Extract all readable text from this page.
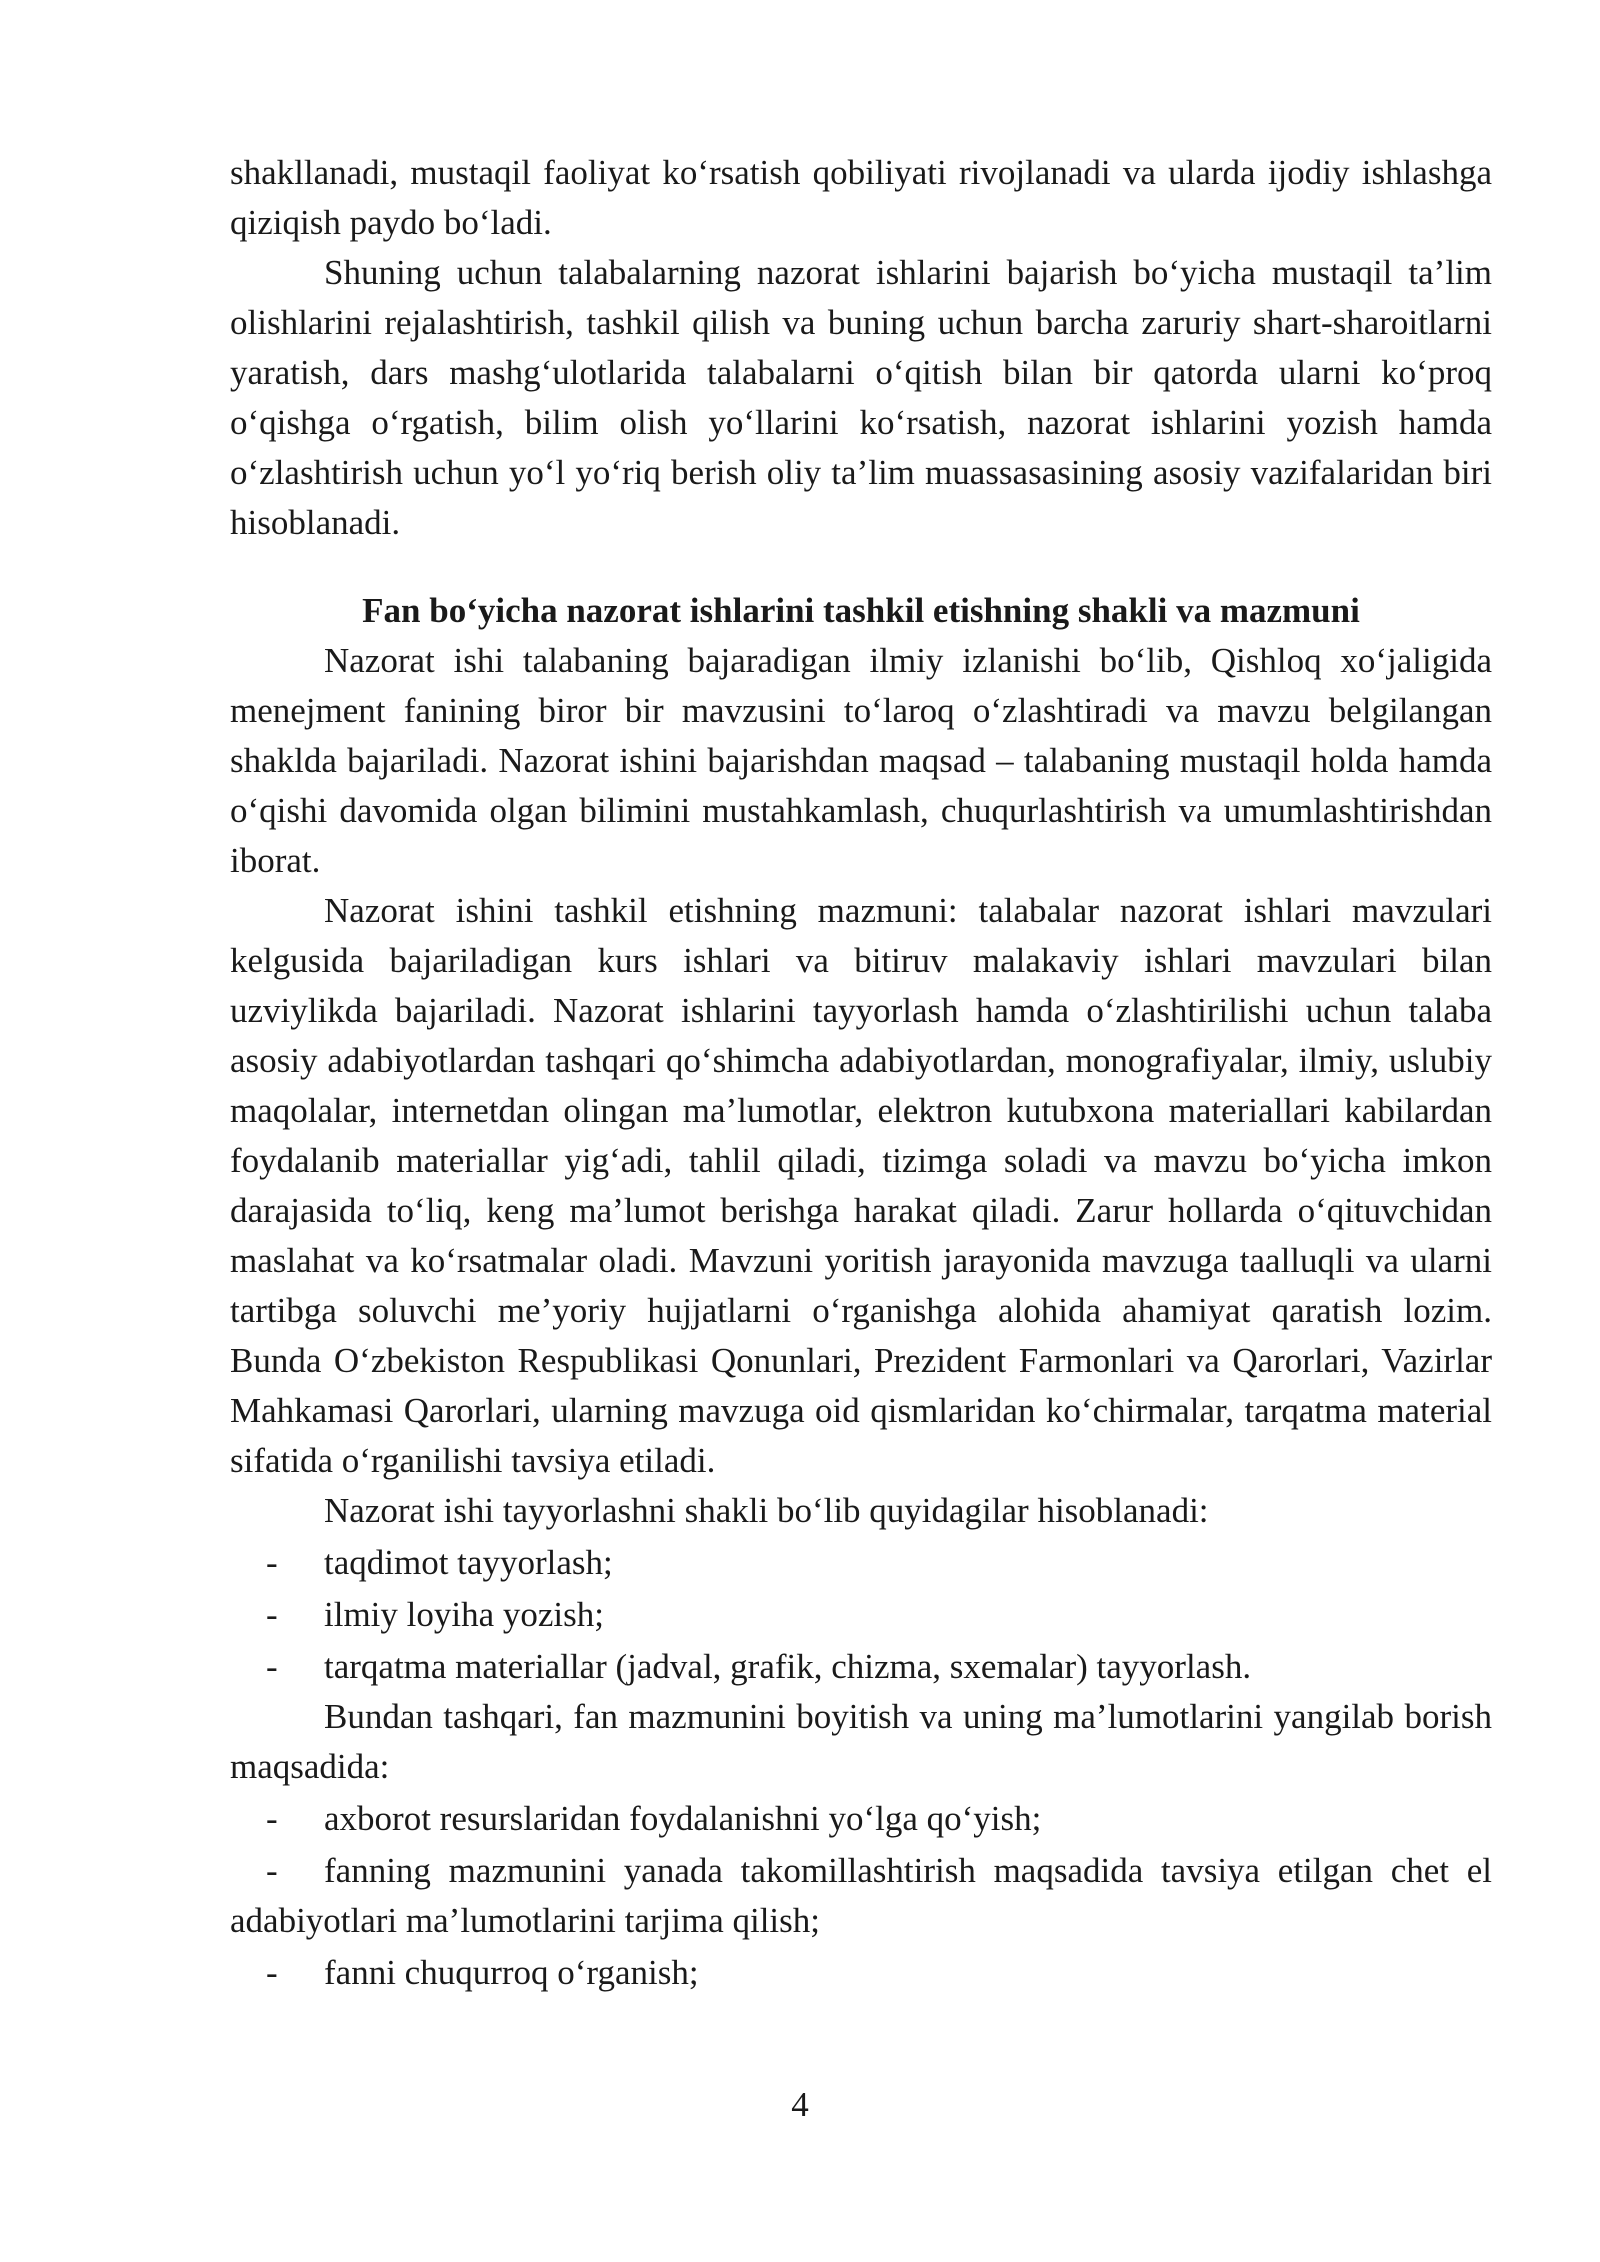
shakllanadi, mustaqil faoliyat ko‘rsatish qobiliyati rivojlanadi va ularda ijodiy ishlashga qiziqish paydo bo‘ladi.

Shuning uchun talabalarning nazorat ishlarini bajarish bo‘yicha mustaqil ta’lim olishlarini rejalashtirish, tashkil qilish va buning uchun barcha zaruriy shart-sharoitlarni yaratish, dars mashg‘ulotlarida talabalarni o‘qitish bilan bir qatorda ularni ko‘proq o‘qishga o‘rgatish, bilim olish yo‘llarini ko‘rsatish, nazorat ishlarini yozish hamda o‘zlashtirish uchun yo‘l yo‘riq berish oliy ta’lim muassasasining asosiy vazifalaridan biri hisoblanadi.

Fan bo‘yicha nazorat ishlarini tashkil etishning shakli va mazmuni

Nazorat ishi talabaning bajaradigan ilmiy izlanishi bo‘lib, Qishloq xo‘jaligida menejment fanining biror bir mavzusini to‘laroq o‘zlashtiradi va mavzu belgilangan shaklda bajariladi. Nazorat ishini bajarishdan maqsad – talabaning mustaqil holda hamda o‘qishi davomida olgan bilimini mustahkamlash, chuqurlashtirish va umumlashtirishdan iborat.

Nazorat ishini tashkil etishning mazmuni: talabalar nazorat ishlari mavzulari kelgusida bajariladigan kurs ishlari va bitiruv malakaviy ishlari mavzulari bilan uzviylikda bajariladi. Nazorat ishlarini tayyorlash hamda o‘zlashtirilishi uchun talaba asosiy adabiyotlardan tashqari qo‘shimcha adabiyotlardan, monografiyalar, ilmiy, uslubiy maqolalar, internetdan olingan ma’lumotlar, elektron kutubxona materiallari kabilardan foydalanib materiallar yig‘adi, tahlil qiladi, tizimga soladi va mavzu bo‘yicha imkon darajasida to‘liq, keng ma’lumot berishga harakat qiladi. Zarur hollarda o‘qituvchidan maslahat va ko‘rsatmalar oladi. Mavzuni yoritish jarayonida mavzuga taalluqli va ularni tartibga soluvchi me’yoriy hujjatlarni o‘rganishga alohida ahamiyat qaratish lozim. Bunda O‘zbekiston Respublikasi Qonunlari, Prezident Farmonlari va Qarorlari, Vazirlar Mahkamasi Qarorlari, ularning mavzuga oid qismlaridan ko‘chirmalar, tarqatma material sifatida o‘rganilishi tavsiya etiladi.

Nazorat ishi tayyorlashni shakli bo‘lib quyidagilar hisoblanadi:

- taqdimot tayyorlash;
- ilmiy loyiha yozish;
- tarqatma materiallar (jadval, grafik, chizma, sxemalar) tayyorlash.

Bundan tashqari, fan mazmunini boyitish va uning ma’lumotlarini yangilab borish maqsadida:

- axborot resurslaridan foydalanishni yo‘lga qo‘yish;
- fanning mazmunini yanada takomillashtirish maqsadida tavsiya etilgan chet el adabiyotlari ma’lumotlarini tarjima qilish;
- fanni chuqurroq o‘rganish;
4
